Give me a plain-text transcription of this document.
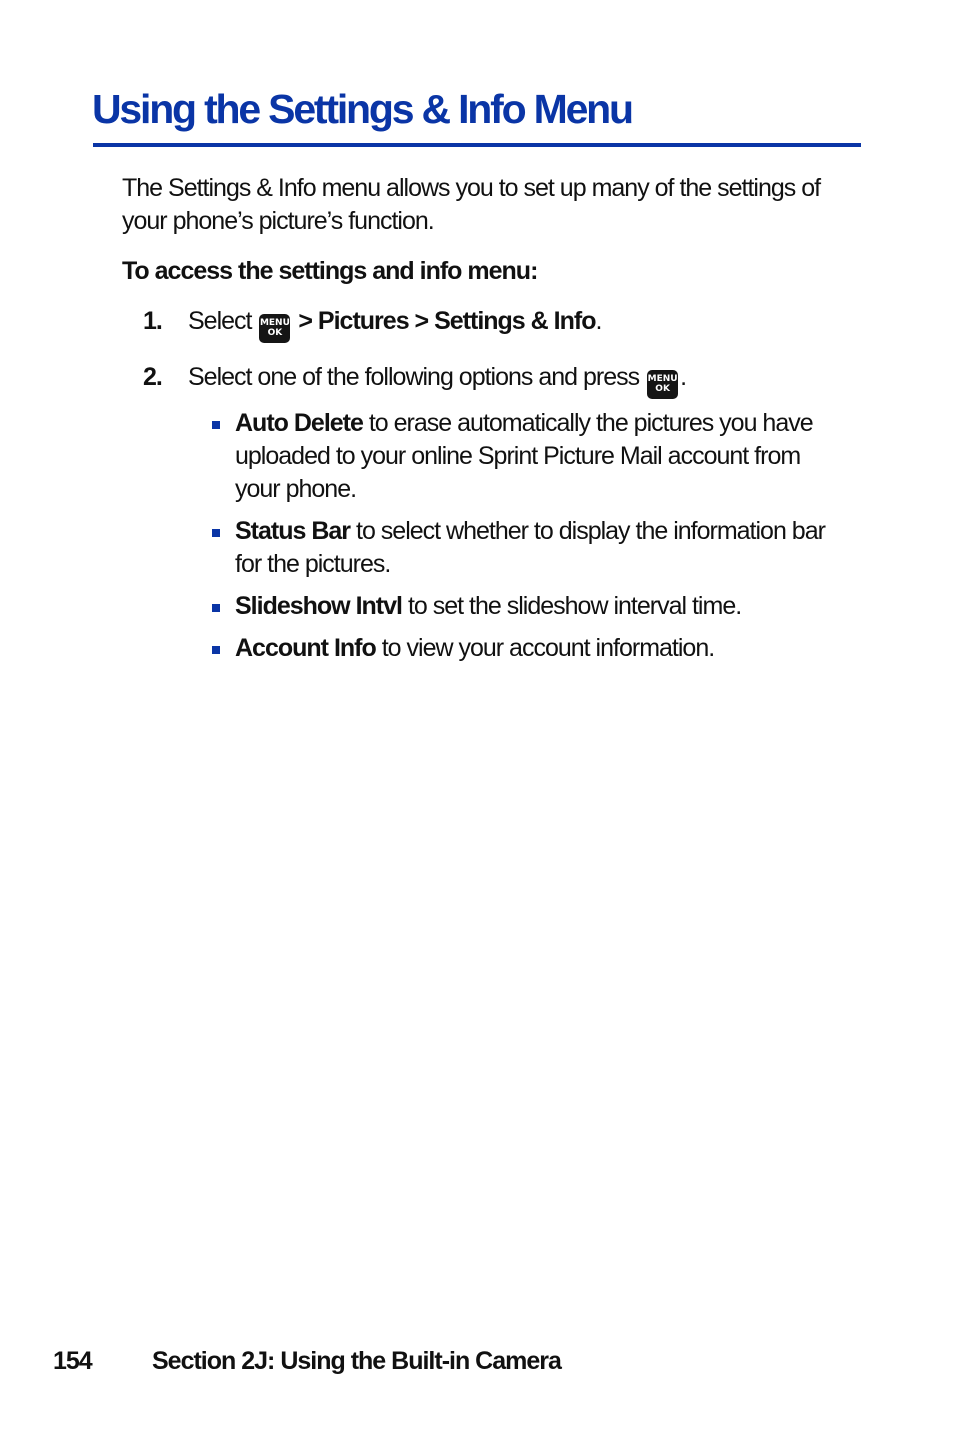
Using the Settings & Info Menu

The Settings & Info menu allows you to set up many of the settings of your phone’s picture’s function.

To access the settings and info menu:

1. Select MENU
OK > Pictures > Settings & Info.
2. Select one of the following options and press MENU
OK .
Auto Delete to erase automatically the pictures you have uploaded to your online Sprint Picture Mail account from your phone.
Status Bar to select whether to display the information bar for the pictures.
Slideshow Intvl to set the slideshow interval time.
Account Info to view your account information.
154 Section 2J: Using the Built-in Camera
